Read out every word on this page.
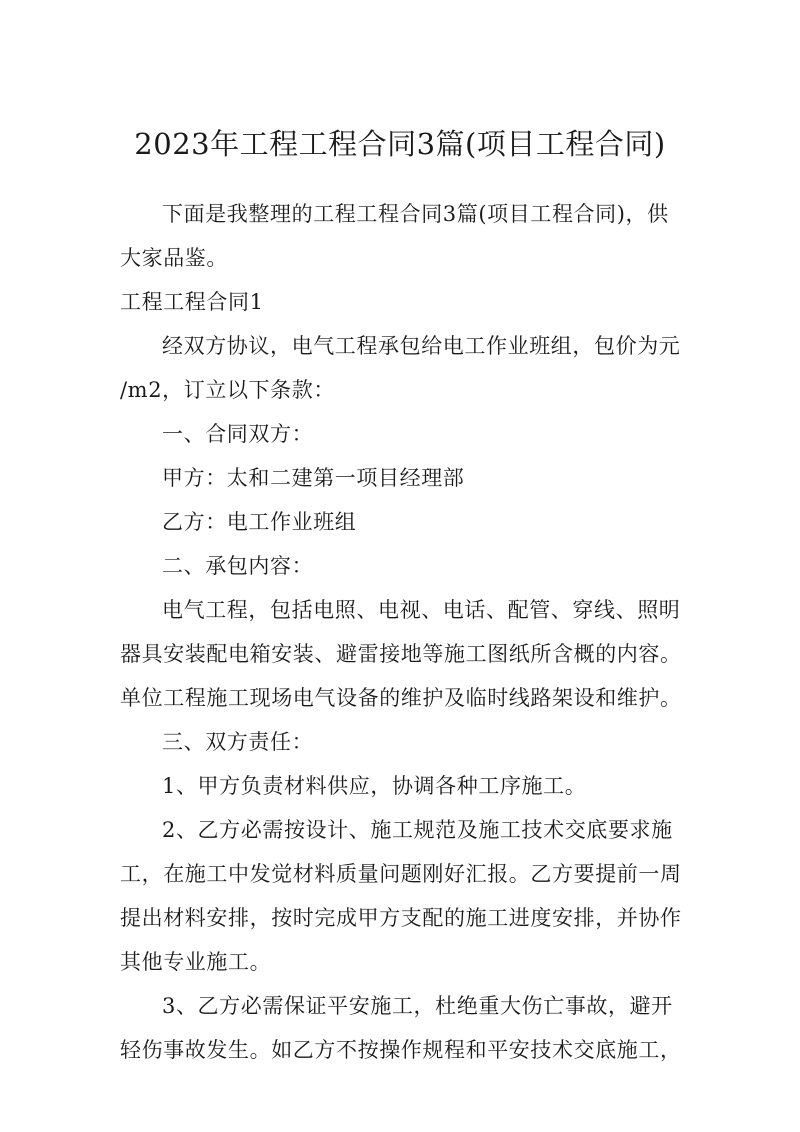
2023年工程工程合同3篇(项目工程合同)
下面是我整理的工程工程合同3篇(项目工程合同)，供
大家品鉴。
工程工程合同1
经双方协议，电气工程承包给电工作业班组，包价为元
/m2，订立以下条款：
一、合同双方：
甲方：太和二建第一项目经理部
乙方：电工作业班组
二、承包内容：
电气工程，包括电照、电视、电话、配管、穿线、照明
器具安装配电箱安装、避雷接地等施工图纸所含概的内容。
单位工程施工现场电气设备的维护及临时线路架设和维护。
三、双方责任：
1、甲方负责材料供应，协调各种工序施工。
2、乙方必需按设计、施工规范及施工技术交底要求施
工，在施工中发觉材料质量问题刚好汇报。乙方要提前一周
提出材料安排，按时完成甲方支配的施工进度安排，并协作
其他专业施工。
3、乙方必需保证平安施工，杜绝重大伤亡事故，避开
轻伤事故发生。如乙方不按操作规程和平安技术交底施工，
